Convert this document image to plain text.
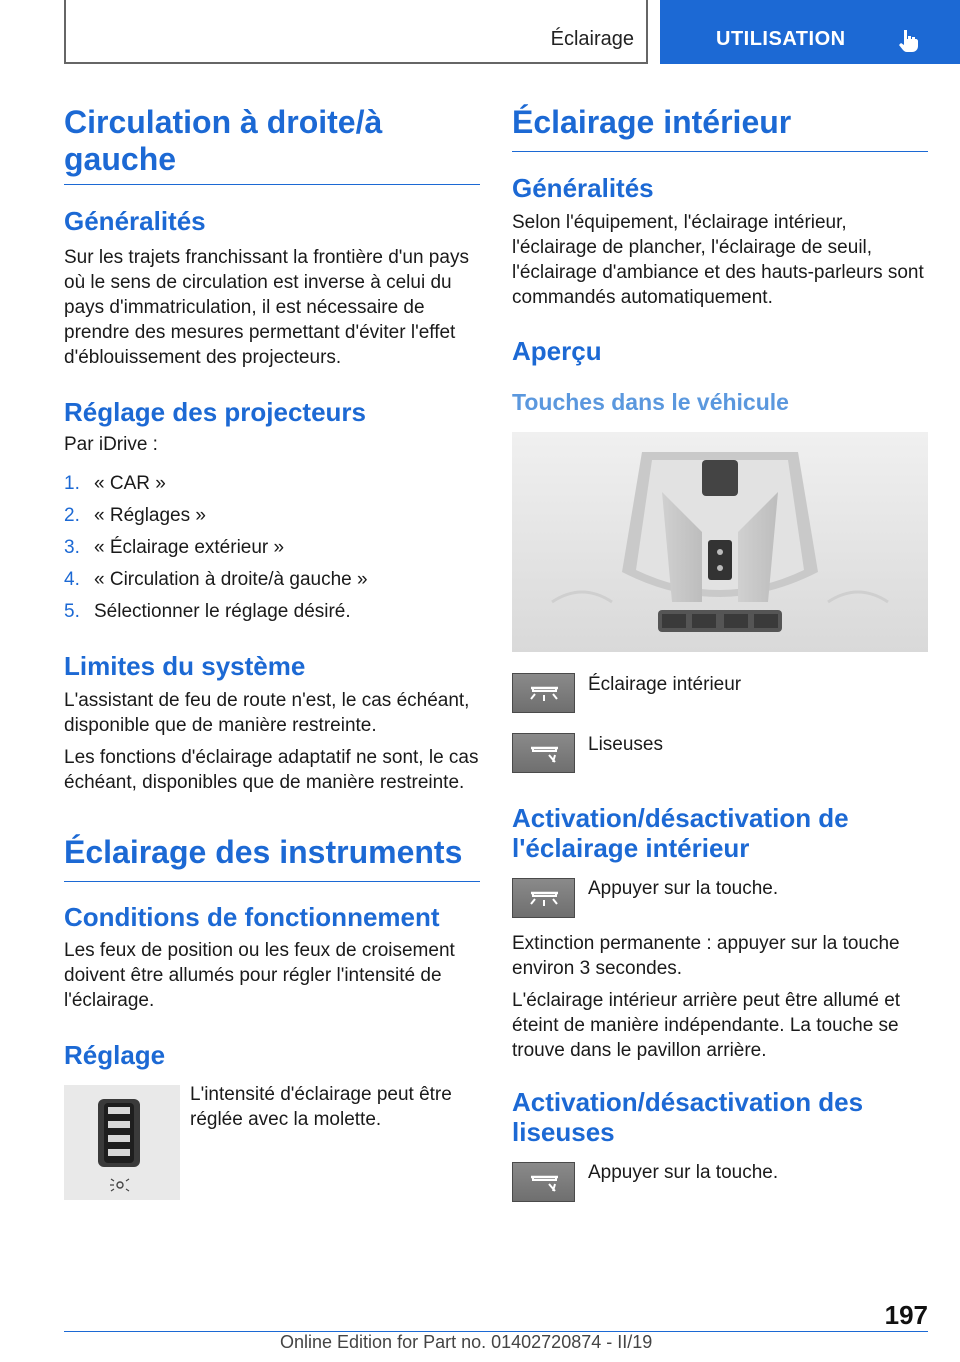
Éclairage	UTILISATION
Circulation à droite/à gauche
Généralités

Sur les trajets franchissant la frontière d'un pays où le sens de circulation est inverse à celui du pays d'immatriculation, il est nécessaire de prendre des mesures permettant d'éviter l'effet d'éblouissement des projecteurs.

Réglage des projecteurs

Par iDrive :

1. « CAR »
2. « Réglages »
3. « Éclairage extérieur »
4. « Circulation à droite/à gauche »
5. Sélectionner le réglage désiré.
Limites du système

L'assistant de feu de route n'est, le cas échéant, disponible que de manière restreinte.

Les fonctions d'éclairage adaptatif ne sont, le cas échéant, disponibles que de manière restreinte.

Éclairage des instruments
Conditions de fonctionnement

Les feux de position ou les feux de croisement doivent être allumés pour régler l'intensité de l'éclairage.

Réglage

L'intensité d'éclairage peut être réglée avec la molette.

Éclairage intérieur
Généralités

Selon l'équipement, l'éclairage intérieur, l'éclairage de plancher, l'éclairage de seuil, l'éclairage d'ambiance et des hauts-parleurs sont commandés automatiquement.

Aperçu
Touches dans le véhicule
Éclairage intérieur
Liseuses
Activation/désactivation de l'éclairage intérieur
Appuyer sur la touche.

Extinction permanente : appuyer sur la touche environ 3 secondes.

L'éclairage intérieur arrière peut être allumé et éteint de manière indépendante. La touche se trouve dans le pavillon arrière.

Activation/désactivation des liseuses
Appuyer sur la touche.
197
Online Edition for Part no. 01402720874 - II/19
